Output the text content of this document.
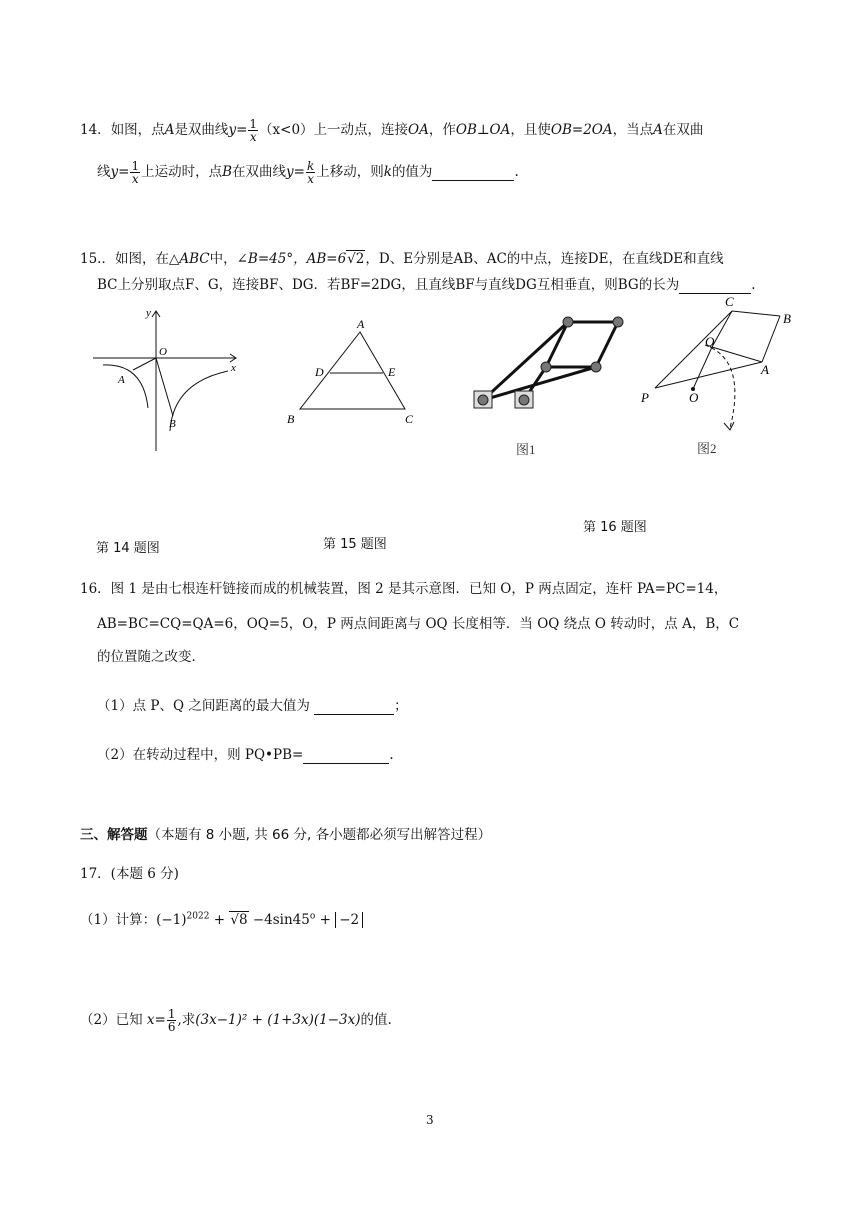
14．如图，点A是双曲线$y= \frac{1}{x} (x<0)$上一动点，连接OA，作OB⊥OA，且使OB=2OA，当点A在双曲
线$y= \frac{1}{x}$ 上运动时，点B在双曲线$y= \frac{k}{x}$ 上移动，则k的值为	.
15.．如图，在△ABC中，∠B=45°，AB=6√2，D、E分别是AB、AC的中点，连接DE，在直线DE和直线
BC上分别取点F、G，连接BF、DG．若BF=2DG，且直线BF与直线DG互相垂直，则BG的长为	.
y
x
O
A
B
A
D	E
B	C
图1
C
B
Q
A
P	O
图2
第 16 题图
第 14 题图	第 15 题图
16．图 1 是由七根连杆链接而成的机械装置，图 2 是其示意图．已知 O，P 两点固定，连杆 PA=PC=14，
AB=BC=CQ=QA=6，OQ=5，O，P 两点间距离与 OQ 长度相等．当 OQ 绕点 O 转动时，点 A，B，C
的位置随之改变．
（1）点 P、Q 之间距离的最大值为	；
（2）在转动过程中，则 PQ•PB=	.
三、解答题（本题有 8 小题, 共 66 分, 各小题都必须写出解答过程）
17．(本题 6 分)
（1）计算：$(-1)^{2022} + √8 -4\sin 45^o + -2$
（2）已知 $x= \frac{1}{6}$ ,求(3x−1)² + (1+3x)(1−3x)的值.
3
